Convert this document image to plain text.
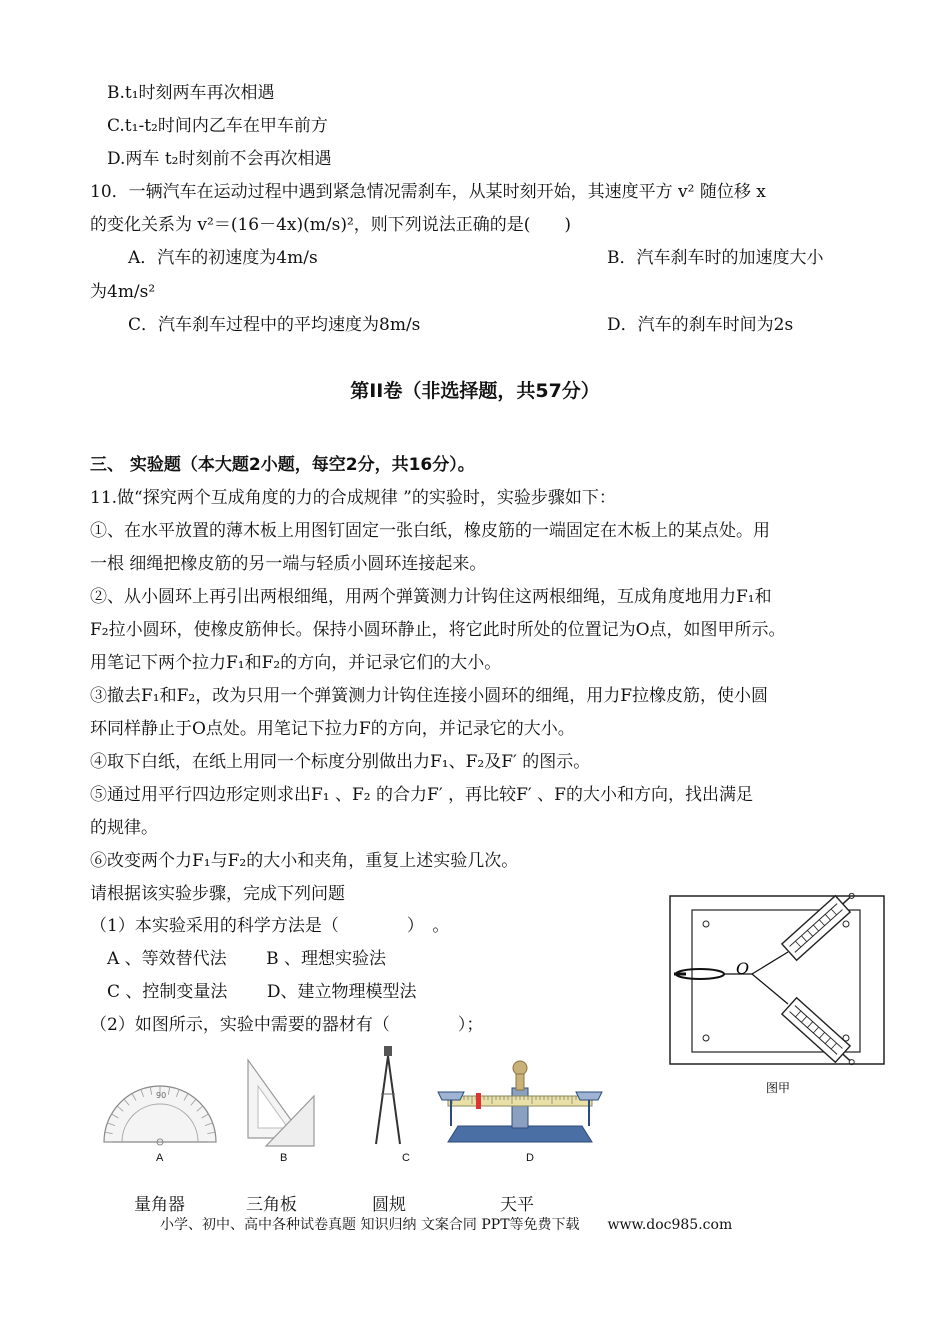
B.t₁时刻两车再次相遇
C.t₁-t₂时间内乙车在甲车前方
D.两车 t₂时刻前不会再次相遇
10．一辆汽车在运动过程中遇到紧急情况需刹车，从某时刻开始，其速度平方 v² 随位移 x
的变化关系为 v²＝(16－4x)(m/s)²，则下列说法正确的是(　　)
A．汽车的初速度为4m/s	B．汽车刹车时的加速度大小
为4m/s²
C．汽车刹车过程中的平均速度为8m/s	D．汽车的刹车时间为2s
第II卷（非选择题，共57分）
三、 实验题（本大题2小题，每空2分，共16分）。
11.做“探究两个互成角度的力的合成规律 ”的实验时，实验步骤如下：
①、在水平放置的薄木板上用图钉固定一张白纸，橡皮筋的一端固定在木板上的某点处。用
一根 细绳把橡皮筋的另一端与轻质小圆环连接起来。
②、从小圆环上再引出两根细绳，用两个弹簧测力计钩住这两根细绳，互成角度地用力F₁和
F₂拉小圆环，使橡皮筋伸长。保持小圆环静止，将它此时所处的位置记为O点，如图甲所示。
用笔记下两个拉力F₁和F₂的方向，并记录它们的大小。
③撤去F₁和F₂，改为只用一个弹簧测力计钩住连接小圆环的细绳，用力F拉橡皮筋，使小圆
环同样静止于O点处。用笔记下拉力F的方向，并记录它的大小。
④取下白纸，在纸上用同一个标度分别做出力F₁、F₂及F′ 的图示。
⑤通过用平行四边形定则求出F₁ 、F₂ 的合力F′ ，再比较F′ 、F的大小和方向，找出满足
的规律。
⑥改变两个力F₁与F₂的大小和夹角，重复上述实验几次。
请根据该实验步骤，完成下列问题
（1）本实验采用的科学方法是（　　　　）　。
A 、等效替代法　　 B 、理想实验法
C 、控制变量法　　 D、建立物理模型法
（2）如图所示，实验中需要的器材有（　　　　）；
O
图甲
90
A	B	C	D
量角器	三角板	圆规	天平
小学、初中、高中各种试卷真题 知识归纳 文案合同 PPT等免费下载　　www.doc985.com
